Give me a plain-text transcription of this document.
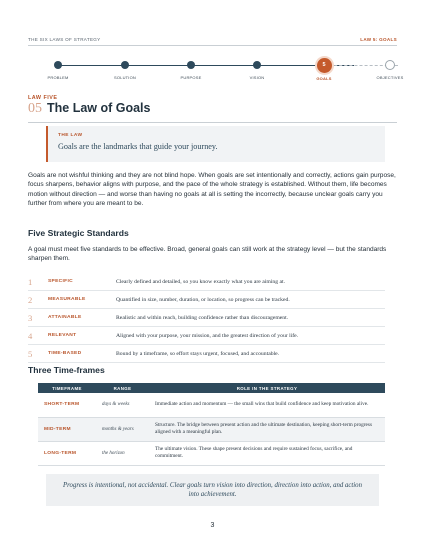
THE SIX LAWS OF STRATEGY	LAW 5: GOALS
PROBLEM	SOLUTION	PURPOSE	VISION
5
GOALS	OBJECTIVES
LAW FIVE
05 The Law of Goals
THE LAW
Goals are the landmarks that guide your journey.

Goals are not wishful thinking and they are not blind hope. When goals are set intentionally and correctly, actions gain purpose, focus sharpens, behavior aligns with purpose, and the pace of the whole strategy is established. Without them, life becomes motion without direction — and worse than having no goals at all is setting the incorrectly, because unclear goals carry you further from where you are meant to be.

Five Strategic Standards

A goal must meet five standards to be effective. Broad, general goals can still work at the strategy level — but the standards sharpen them.

1	SPECIFIC	Clearly defined and detailed, so you know exactly what you are aiming at.
2	MEASURABLE	Quantified in size, number, duration, or location, so progress can be tracked.
3	ATTAINABLE	Realistic and within reach, building confidence rather than discouragement.
4	RELEVANT	Aligned with your purpose, your mission, and the greatest direction of your life.
5	TIME-BASED	Bound by a timeframe, so effort stays urgent, focused, and accountable.
Three Time-frames
TIMEFRAME	RANGE	ROLE IN THE STRATEGY
SHORT-TERM	days & weeks	Immediate action and momentum — the small wins that build confidence and keep motivation alive.
MID-TERM	months & years	Structure. The bridge between present action and the ultimate destination, keeping short-term progress aligned with a meaningful plan.
LONG-TERM	the horizon	The ultimate vision. These shape present decisions and require sustained focus, sacrifice, and commitment.

Progress is intentional, not accidental. Clear goals turn vision into direction, direction into action, and action into achievement.

3
